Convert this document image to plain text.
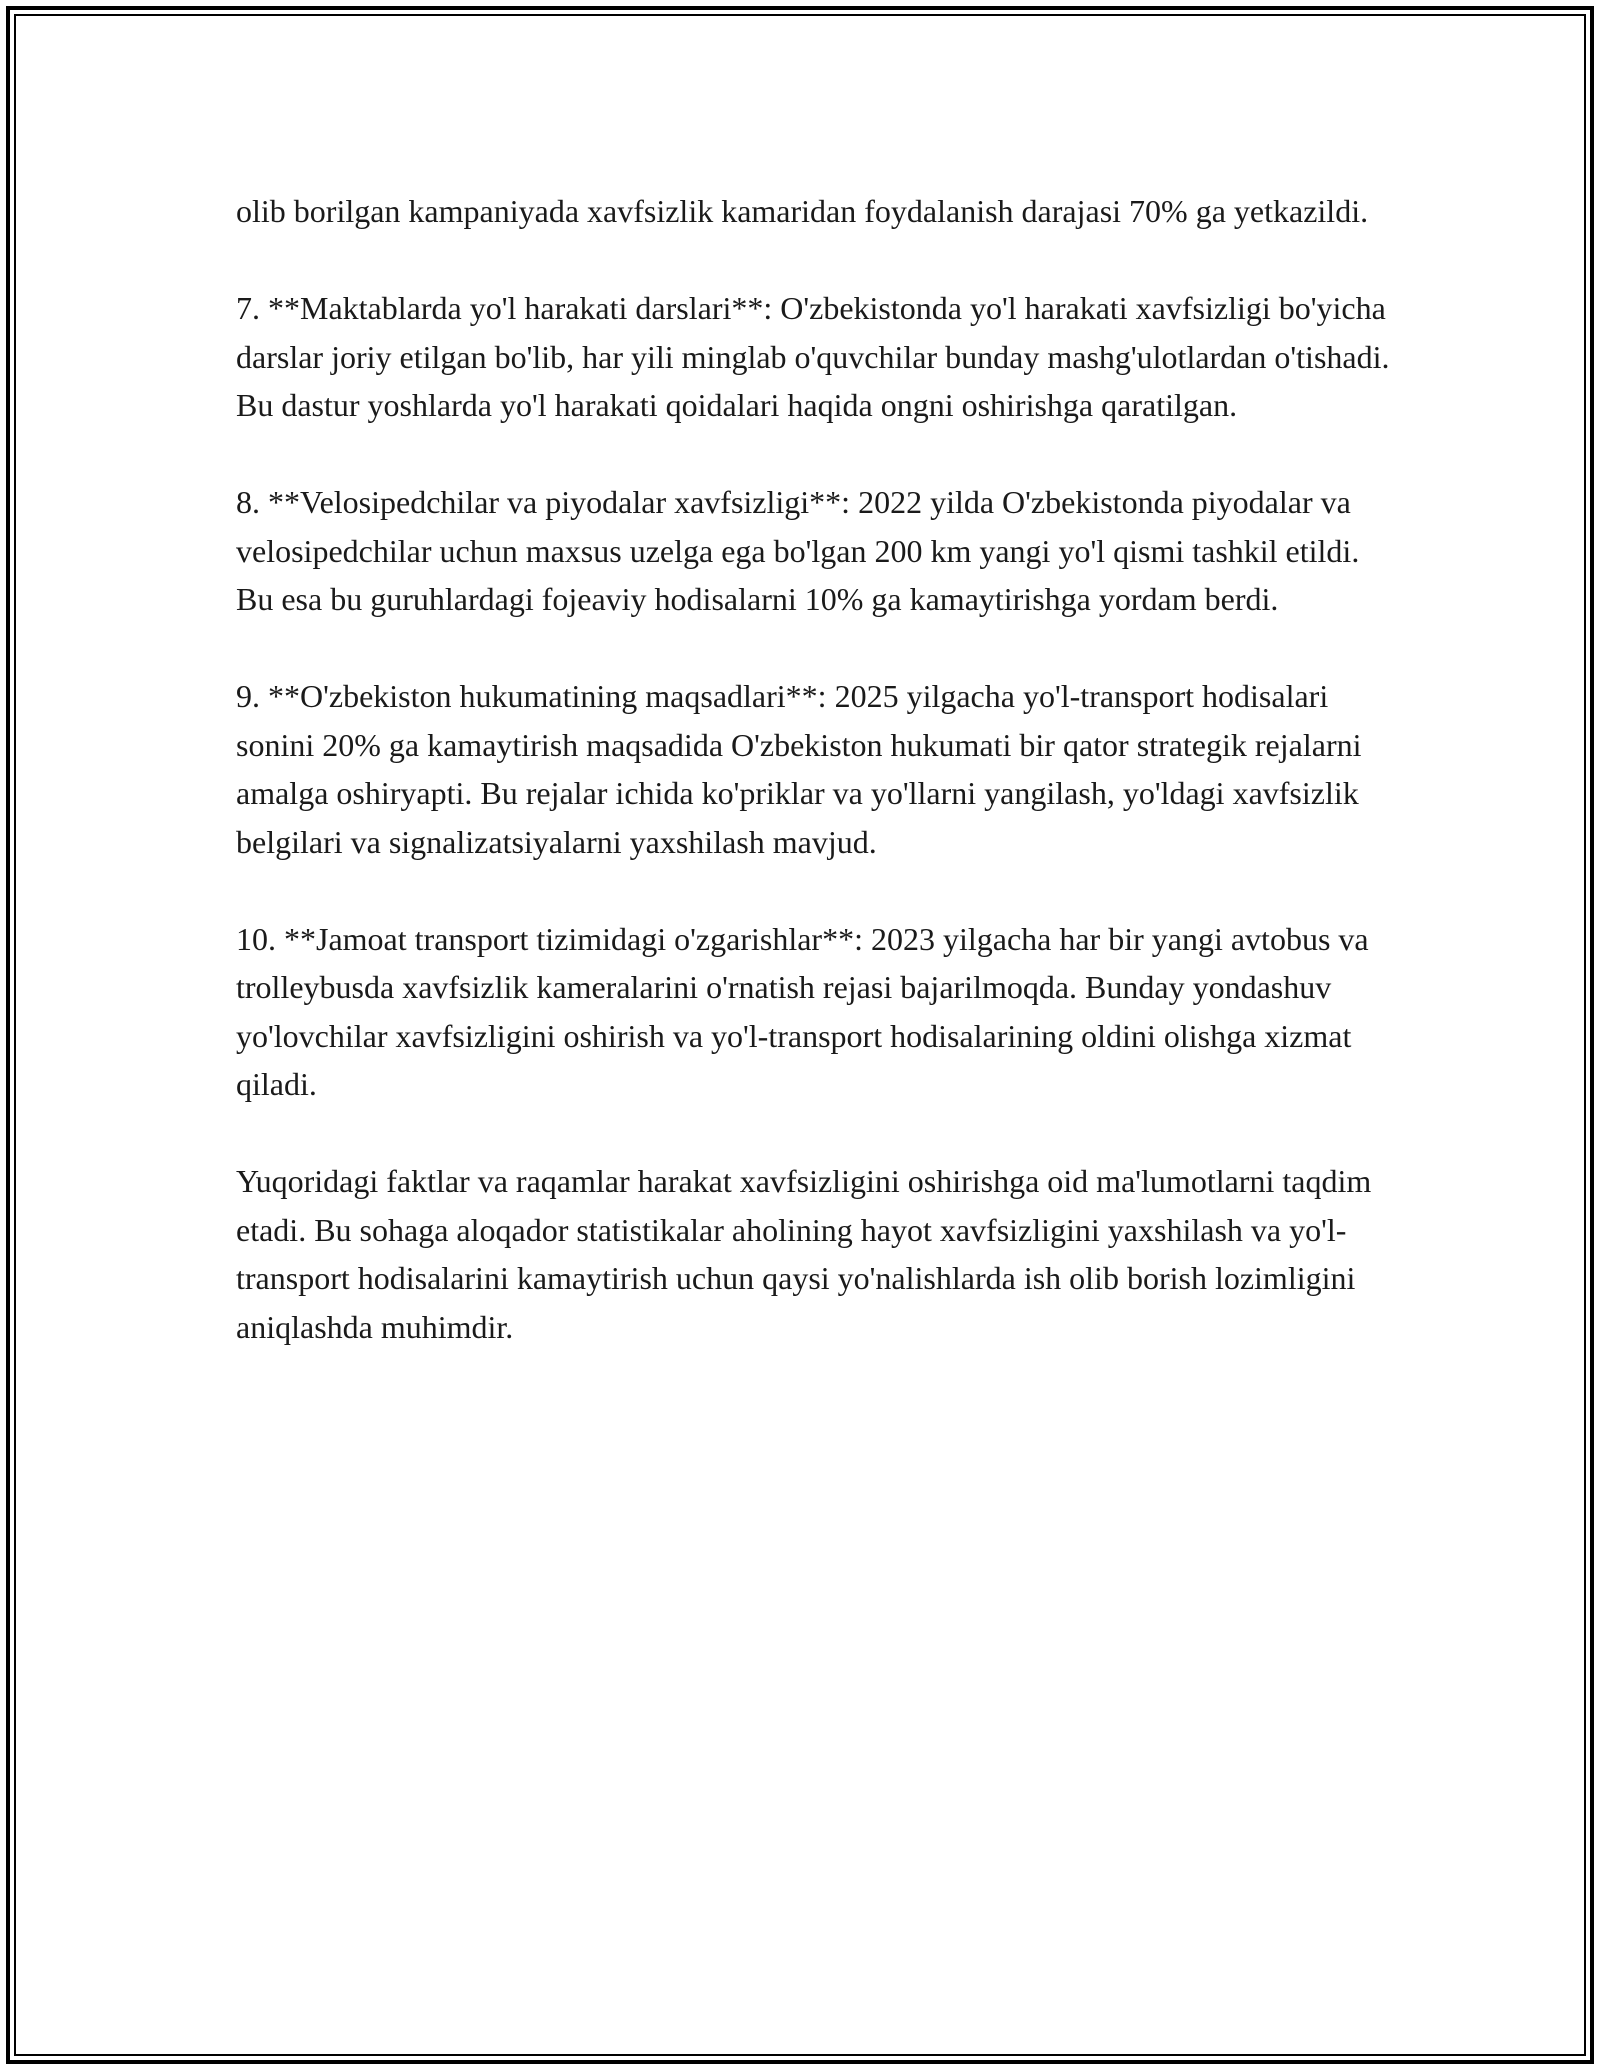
olib borilgan kampaniyada xavfsizlik kamaridan foydalanish darajasi 70% ga yetkazildi.

7. **Maktablarda yo'l harakati darslari**: O'zbekistonda yo'l harakati xavfsizligi bo'yicha darslar joriy etilgan bo'lib, har yili minglab o'quvchilar bunday mashg'ulotlardan o'tishadi. Bu dastur yoshlarda yo'l harakati qoidalari haqida ongni oshirishga qaratilgan.

8. **Velosipedchilar va piyodalar xavfsizligi**: 2022 yilda O'zbekistonda piyodalar va velosipedchilar uchun maxsus uzelga ega bo'lgan 200 km yangi yo'l qismi tashkil etildi. Bu esa bu guruhlardagi fojeaviy hodisalarni 10% ga kamaytirishga yordam berdi.

9. **O'zbekiston hukumatining maqsadlari**: 2025 yilgacha yo'l-transport hodisalari sonini 20% ga kamaytirish maqsadida O'zbekiston hukumati bir qator strategik rejalarni amalga oshiryapti. Bu rejalar ichida ko'priklar va yo'llarni yangilash, yo'ldagi xavfsizlik belgilari va signalizatsiyalarni yaxshilash mavjud.

10. **Jamoat transport tizimidagi o'zgarishlar**: 2023 yilgacha har bir yangi avtobus va trolleybusda xavfsizlik kameralarini o'rnatish rejasi bajarilmoqda. Bunday yondashuv yo'lovchilar xavfsizligini oshirish va yo'l-transport hodisalarining oldini olishga xizmat qiladi.

Yuqoridagi faktlar va raqamlar harakat xavfsizligini oshirishga oid ma'lumotlarni taqdim etadi. Bu sohaga aloqador statistikalar aholining hayot xavfsizligini yaxshilash va yo'l-transport hodisalarini kamaytirish uchun qaysi yo'nalishlarda ish olib borish lozimligini aniqlashda muhimdir.
